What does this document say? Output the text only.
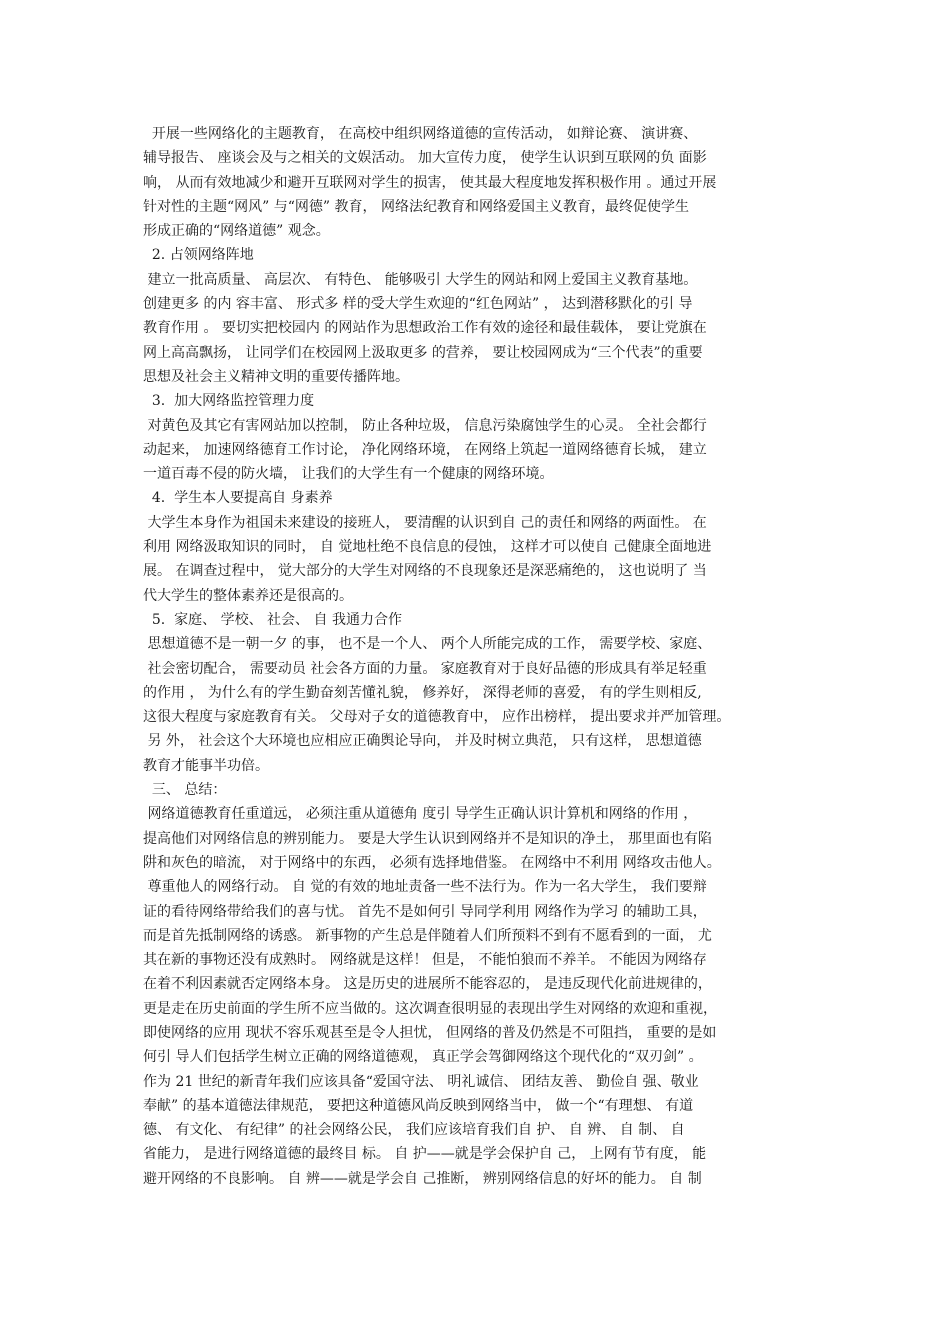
开展一些网络化的主题教育， 在高校中组织网络道德的宣传活动， 如辩论赛、 演讲赛、
辅导报告、 座谈会及与之相关的文娱活动。 加大宣传力度， 使学生认识到互联网的负 面影
响， 从而有效地减少和避开互联网对学生的损害， 使其最大程度地发挥积极作用 。通过开展
针对性的主题“网风” 与“网德” 教育， 网络法纪教育和网络爱国主义教育，最终促使学生
形成正确的“网络道德” 观念。
2. 占领网络阵地
建立一批高质量、 高层次、 有特色、 能够吸引 大学生的网站和网上爱国主义教育基地。
创建更多 的内 容丰富、 形式多 样的受大学生欢迎的“红色网站” ， 达到潜移默化的引 导
教育作用 。 要切实把校园内 的网站作为思想政治工作有效的途径和最佳载体， 要让党旗在
网上高高飘扬， 让同学们在校园网上汲取更多 的营养， 要让校园网成为“三个代表”的重要
思想及社会主义精神文明的重要传播阵地。
3.  加大网络监控管理力度
对黄色及其它有害网站加以控制， 防止各种垃圾， 信息污染腐蚀学生的心灵。 全社会都行
动起来， 加速网络德育工作讨论， 净化网络环境， 在网络上筑起一道网络德育长城， 建立
一道百毒不侵的防火墙， 让我们的大学生有一个健康的网络环境。
4.  学生本人要提高自 身素养
大学生本身作为祖国未来建设的接班人， 要清醒的认识到自 己的责任和网络的两面性。 在
利用 网络汲取知识的同时， 自 觉地杜绝不良信息的侵蚀， 这样才可以使自 己健康全面地进
展。 在调查过程中， 觉大部分的大学生对网络的不良现象还是深恶痛绝的， 这也说明了 当
代大学生的整体素养还是很高的。
5.  家庭、 学校、 社会、 自 我通力合作
思想道德不是一朝一夕 的事， 也不是一个人、 两个人所能完成的工作， 需要学校、家庭、
社会密切配合， 需要动员 社会各方面的力量。 家庭教育对于良好品德的形成具有举足轻重
的作用 ， 为什么有的学生勤奋刻苦懂礼貌， 修养好， 深得老师的喜爱， 有的学生则相反,
这很大程度与家庭教育有关。 父母对子女的道德教育中， 应作出榜样， 提出要求并严加管理。
另 外， 社会这个大环境也应相应正确舆论导向， 并及时树立典范， 只有这样， 思想道德
教育才能事半功倍。
三、 总结：
网络道德教育任重道远， 必须注重从道德角 度引 导学生正确认识计算机和网络的作用 ，
提高他们对网络信息的辨别能力。 要是大学生认识到网络并不是知识的净土， 那里面也有陷
阱和灰色的暗流， 对于网络中的东西， 必须有选择地借鉴。 在网络中不利用 网络攻击他人。
尊重他人的网络行动。 自 觉的有效的地址责备一些不法行为。作为一名大学生， 我们要辩
证的看待网络带给我们的喜与忧。 首先不是如何引 导同学利用 网络作为学习 的辅助工具，
而是首先抵制网络的诱惑。 新事物的产生总是伴随着人们所预料不到有不愿看到的一面， 尤
其在新的事物还没有成熟时。 网络就是这样！ 但是， 不能怕狼而不养羊。 不能因为网络存
在着不利因素就否定网络本身。 这是历史的进展所不能容忍的， 是违反现代化前进规律的，
更是走在历史前面的学生所不应当做的。这次调查很明显的表现出学生对网络的欢迎和重视，
即使网络的应用 现状不容乐观甚至是令人担忧， 但网络的普及仍然是不可阻挡， 重要的是如
何引 导人们包括学生树立正确的网络道德观， 真正学会驾御网络这个现代化的“双刃剑” 。
作为 21 世纪的新青年我们应该具备“爱国守法、 明礼诚信、 团结友善、 勤俭自 强、敬业
奉献” 的基本道德法律规范， 要把这种道德风尚反映到网络当中， 做一个“有理想、 有道
德、 有文化、 有纪律” 的社会网络公民， 我们应该培育我们自 护、 自 辨、 自 制、 自
省能力， 是进行网络道德的最终目 标。 自 护——就是学会保护自 己， 上网有节有度， 能
避开网络的不良影响。 自 辨——就是学会自 己推断， 辨别网络信息的好坏的能力。 自 制
